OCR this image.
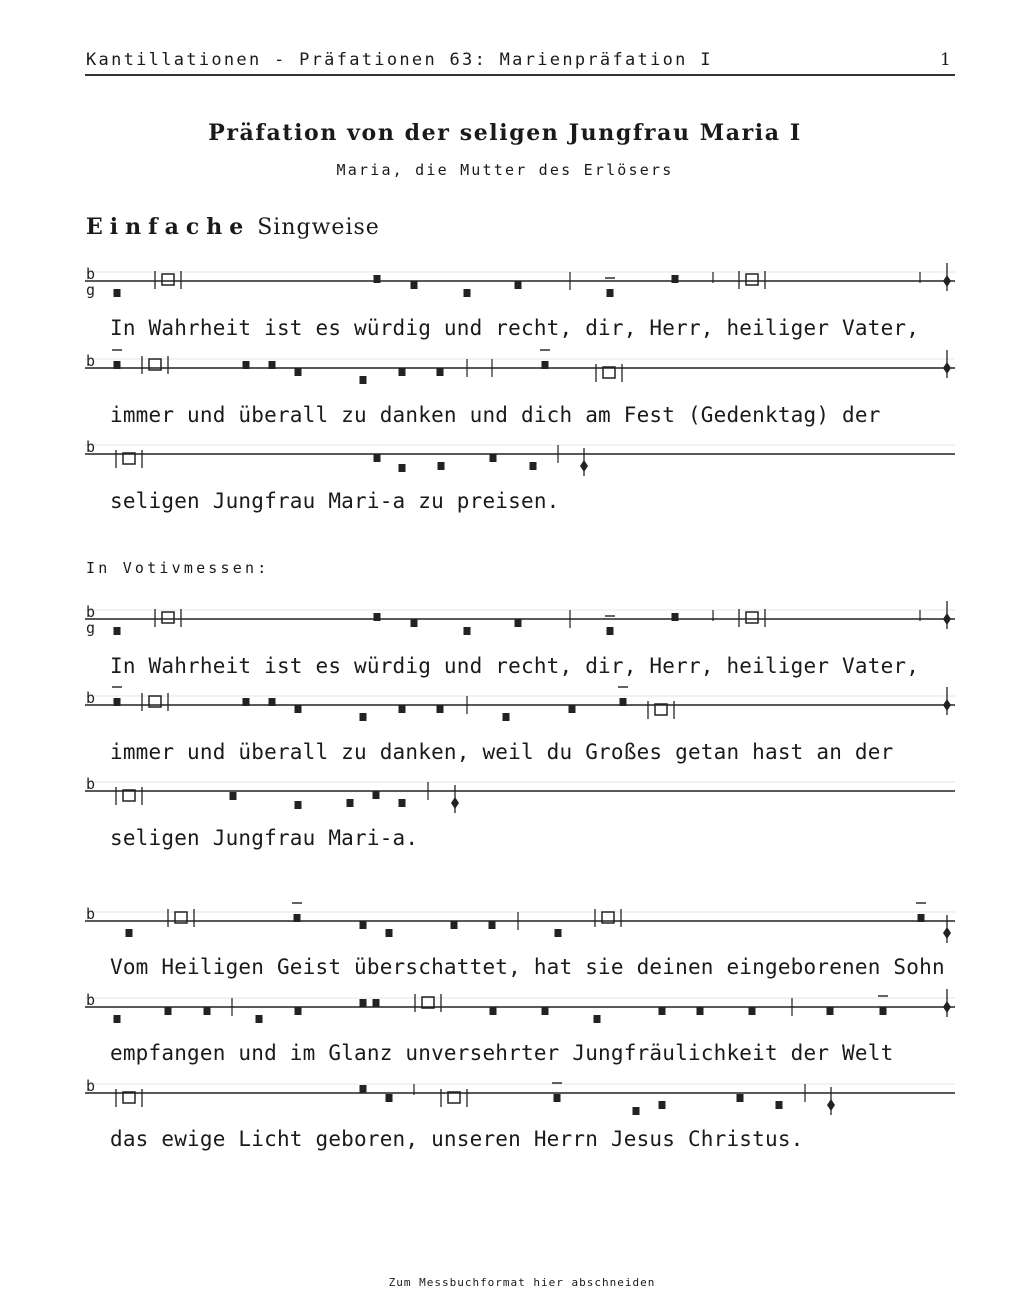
Kantillationen - Präfationen 63: Marienpräfation I	1
Präfation von der seligen Jungfrau Maria I
Maria, die Mutter des Erlösers
Einfache Singweise
b
g
b
b
b
g
b
b
b
b
b
In Wahrheit ist es würdig und recht, dir, Herr, heiliger Vater,
immer und überall zu danken und dich am Fest (Gedenktag) der
seligen Jungfrau Mari-a zu preisen.
In Votivmessen:
In Wahrheit ist es würdig und recht, dir, Herr, heiliger Vater,
immer und überall zu danken, weil du Großes getan hast an der
seligen Jungfrau Mari-a.
Vom Heiligen Geist überschattet, hat sie deinen eingeborenen Sohn
empfangen und im Glanz unversehrter Jungfräulichkeit der Welt
das ewige Licht geboren, unseren Herrn Jesus Christus.
Zum Messbuchformat hier abschneiden
